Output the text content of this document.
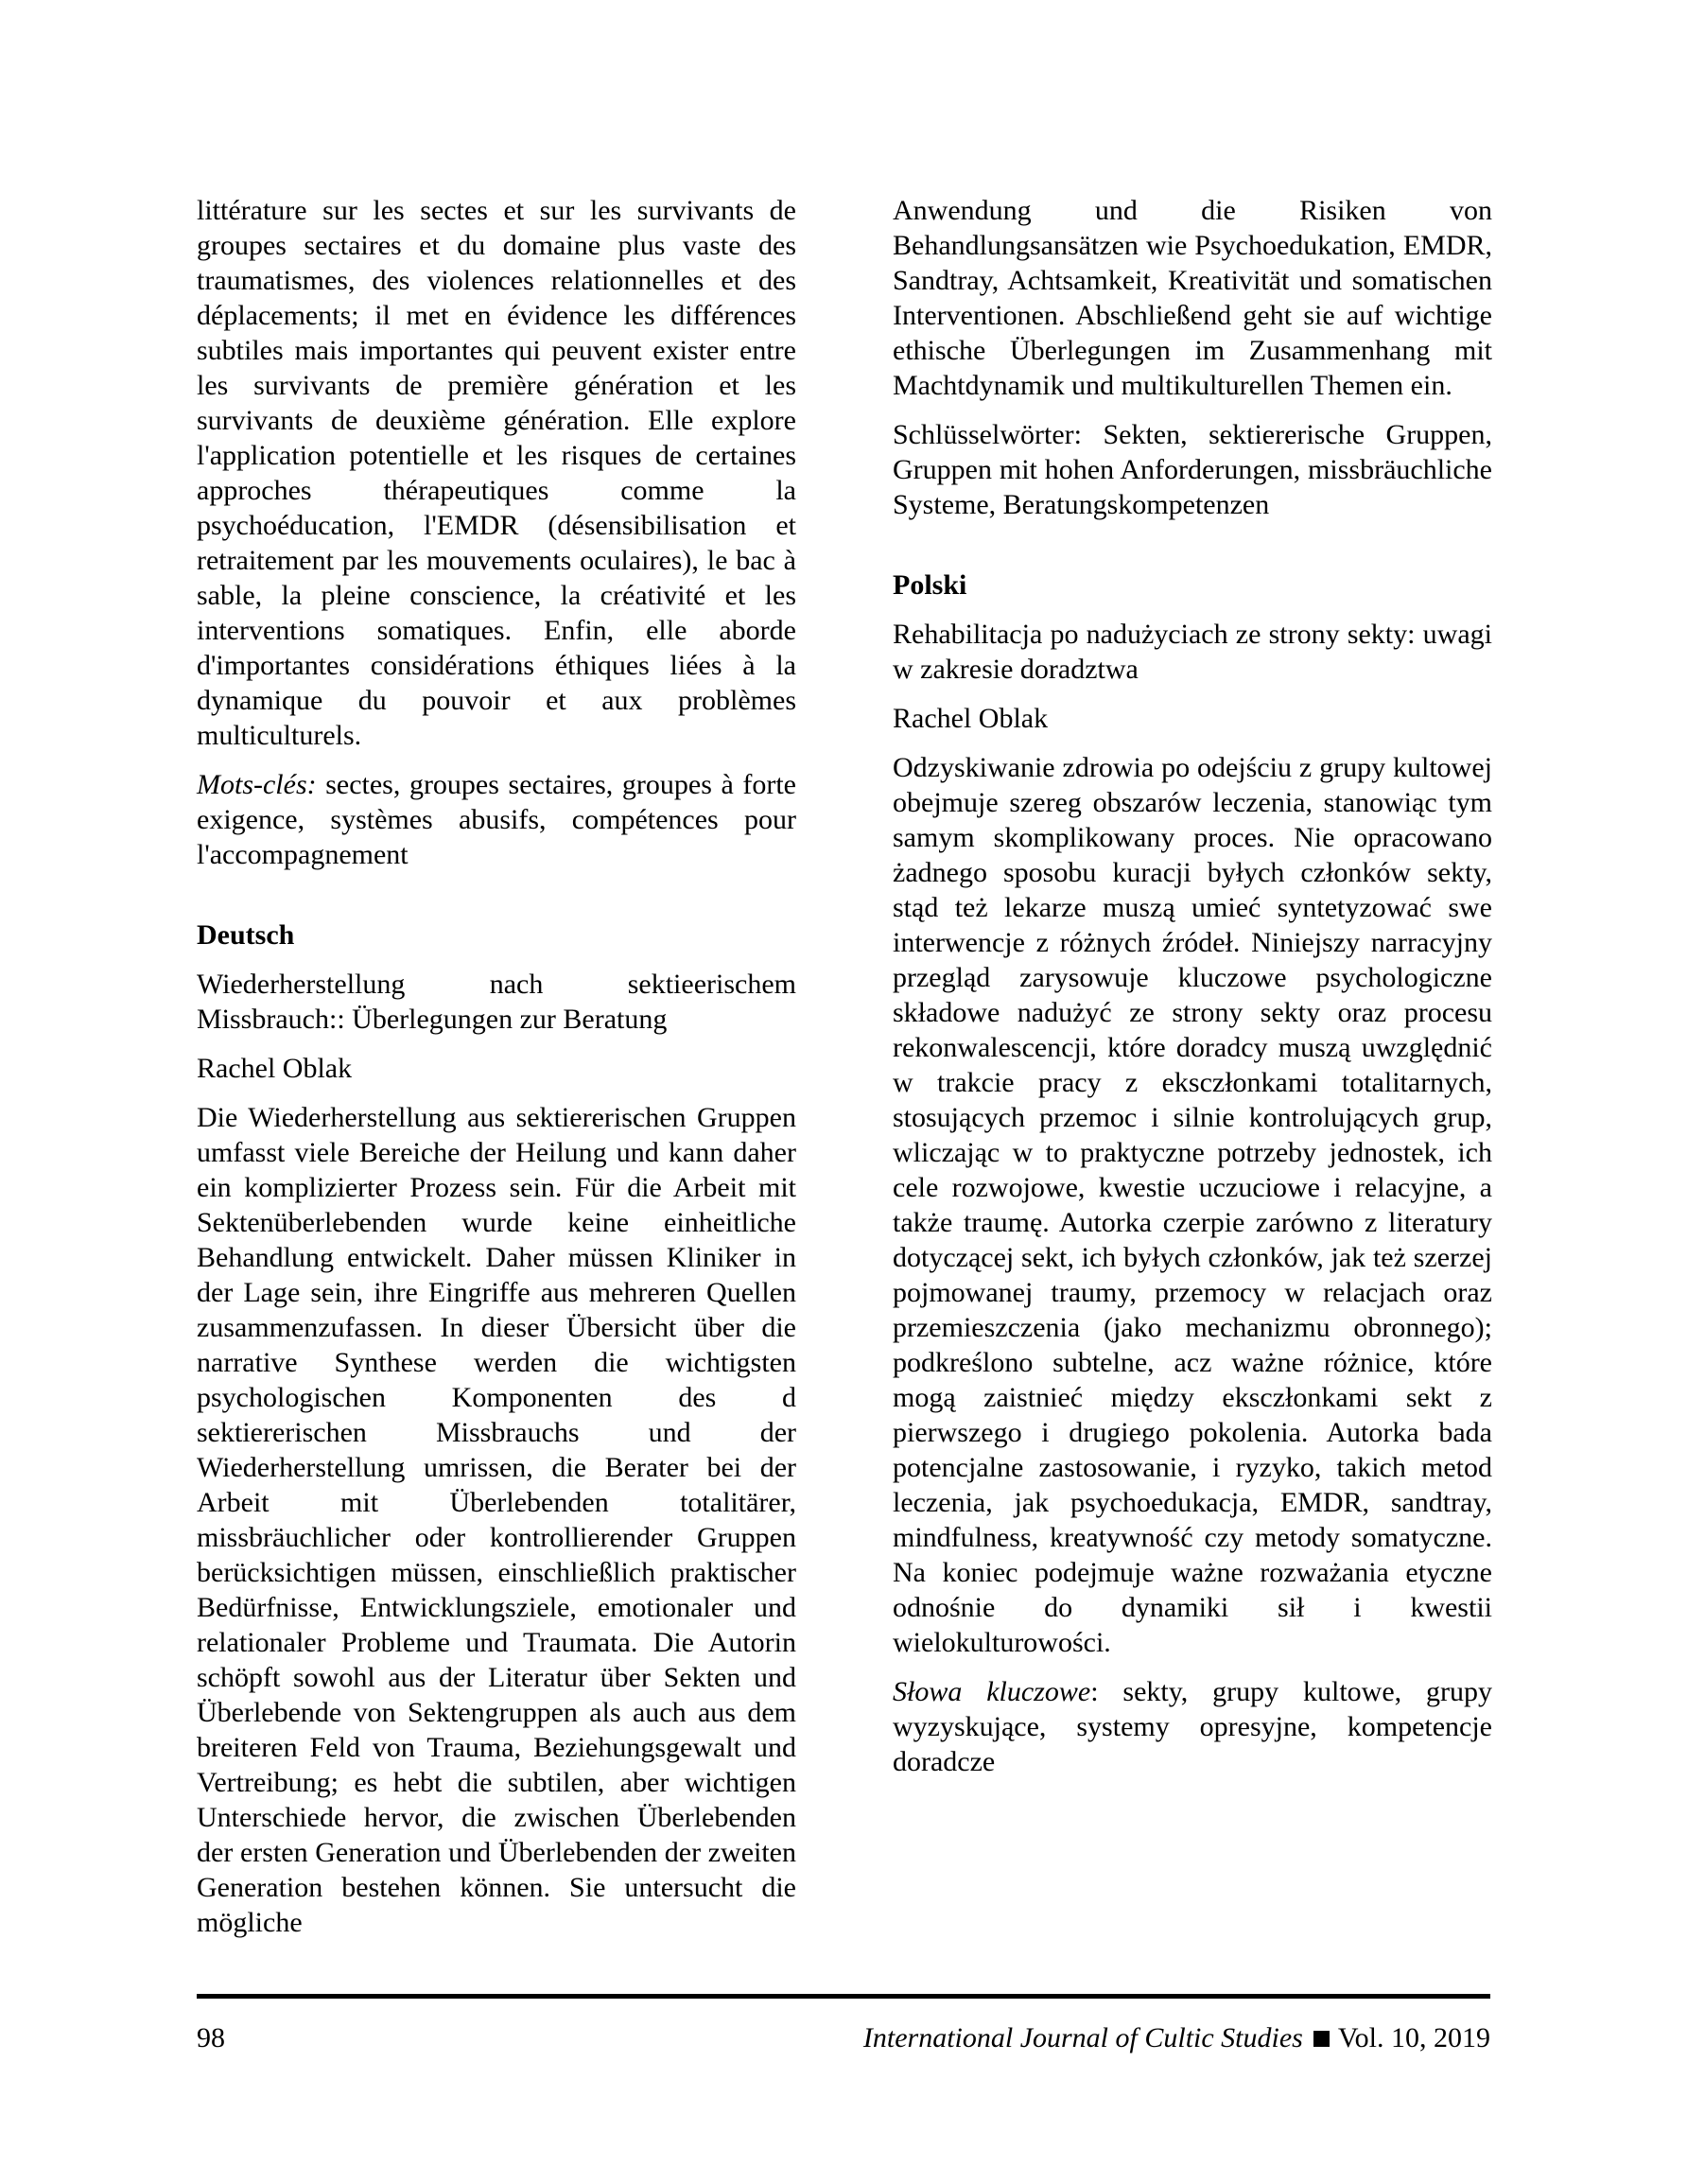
littérature sur les sectes et sur les survivants de groupes sectaires et du domaine plus vaste des traumatismes, des violences relationnelles et des déplacements; il met en évidence les différences subtiles mais importantes qui peuvent exister entre les survivants de première génération et les survivants de deuxième génération. Elle explore l'application potentielle et les risques de certaines approches thérapeutiques comme la psychoéducation, l'EMDR (désensibilisation et retraitement par les mouvements oculaires), le bac à sable, la pleine conscience, la créativité et les interventions somatiques. Enfin, elle aborde d'importantes considérations éthiques liées à la dynamique du pouvoir et aux problèmes multiculturels.

Mots-clés: sectes, groupes sectaires, groupes à forte exigence, systèmes abusifs, compétences pour l'accompagnement

Deutsch

Wiederherstellung nach sektieerischem Missbrauch:: Überlegungen zur Beratung

Rachel Oblak

Die Wiederherstellung aus sektiererischen Gruppen umfasst viele Bereiche der Heilung und kann daher ein komplizierter Prozess sein. Für die Arbeit mit Sektenüberlebenden wurde keine einheitliche Behandlung entwickelt. Daher müssen Kliniker in der Lage sein, ihre Eingriffe aus mehreren Quellen zusammenzufassen. In dieser Übersicht über die narrative Synthese werden die wichtigsten psychologischen Komponenten des d sektiererischen Missbrauchs und der Wiederherstellung umrissen, die Berater bei der Arbeit mit Überlebenden totalitärer, missbräuchlicher oder kontrollierender Gruppen berücksichtigen müssen, einschließlich praktischer Bedürfnisse, Entwicklungsziele, emotionaler und relationaler Probleme und Traumata. Die Autorin schöpft sowohl aus der Literatur über Sekten und Überlebende von Sektengruppen als auch aus dem breiteren Feld von Trauma, Beziehungsgewalt und Vertreibung; es hebt die subtilen, aber wichtigen Unterschiede hervor, die zwischen Überlebenden der ersten Generation und Überlebenden der zweiten Generation bestehen können. Sie untersucht die mögliche

Anwendung und die Risiken von Behandlungsansätzen wie Psychoedukation, EMDR, Sandtray, Achtsamkeit, Kreativität und somatischen Interventionen. Abschließend geht sie auf wichtige ethische Überlegungen im Zusammenhang mit Machtdynamik und multikulturellen Themen ein.

Schlüsselwörter: Sekten, sektiererische Gruppen, Gruppen mit hohen Anforderungen, missbräuchliche Systeme, Beratungskompetenzen

Polski

Rehabilitacja po nadużyciach ze strony sekty: uwagi w zakresie doradztwa

Rachel Oblak

Odzyskiwanie zdrowia po odejściu z grupy kultowej obejmuje szereg obszarów leczenia, stanowiąc tym samym skomplikowany proces. Nie opracowano żadnego sposobu kuracji byłych członków sekty, stąd też lekarze muszą umieć syntetyzować swe interwencje z różnych źródeł. Niniejszy narracyjny przegląd zarysowuje kluczowe psychologiczne składowe nadużyć ze strony sekty oraz procesu rekonwalescencji, które doradcy muszą uwzględnić w trakcie pracy z eksczłonkami totalitarnych, stosujących przemoc i silnie kontrolujących grup, wliczając w to praktyczne potrzeby jednostek, ich cele rozwojowe, kwestie uczuciowe i relacyjne, a także traumę. Autorka czerpie zarówno z literatury dotyczącej sekt, ich byłych członków, jak też szerzej pojmowanej traumy, przemocy w relacjach oraz przemieszczenia (jako mechanizmu obronnego); podkreślono subtelne, acz ważne różnice, które mogą zaistnieć między eksczłonkami sekt z pierwszego i drugiego pokolenia. Autorka bada potencjalne zastosowanie, i ryzyko, takich metod leczenia, jak psychoedukacja, EMDR, sandtray, mindfulness, kreatywność czy metody somatyczne. Na koniec podejmuje ważne rozważania etyczne odnośnie do dynamiki sił i kwestii wielokulturowości.

Słowa kluczowe: sekty, grupy kultowe, grupy wyzyskujące, systemy opresyjne, kompetencje doradcze

98	International Journal of Cultic Studies Vol. 10, 2019
